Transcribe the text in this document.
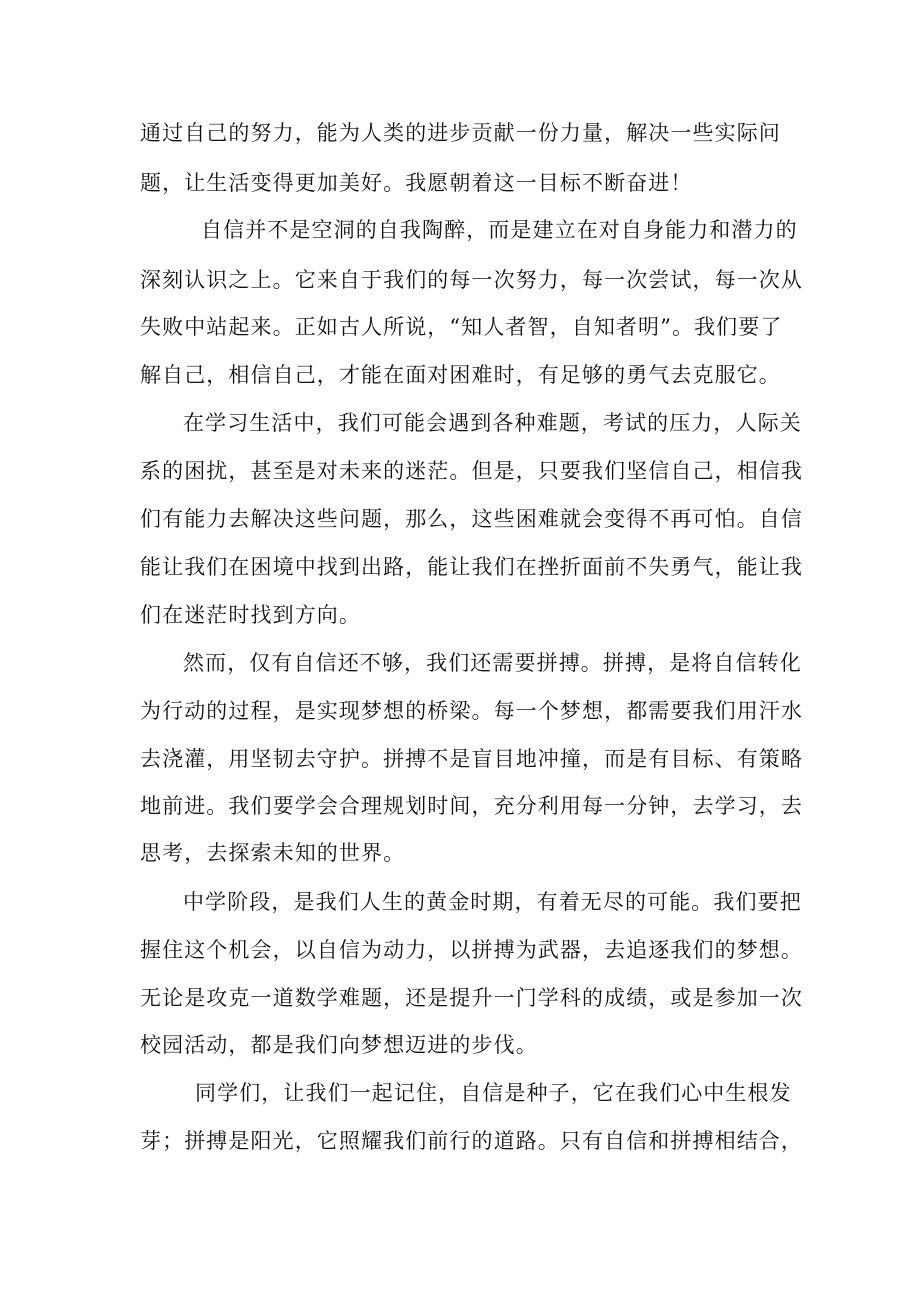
通过自己的努力，能为人类的进步贡献一份力量，解决一些实际问

题，让生活变得更加美好。我愿朝着这一目标不断奋进！

自信并不是空洞的自我陶醉，而是建立在对自身能力和潜力的

深刻认识之上。它来自于我们的每一次努力，每一次尝试，每一次从

失败中站起来。正如古人所说，“知人者智，自知者明”。我们要了

解自己，相信自己，才能在面对困难时，有足够的勇气去克服它。

在学习生活中，我们可能会遇到各种难题，考试的压力，人际关

系的困扰，甚至是对未来的迷茫。但是，只要我们坚信自己，相信我

们有能力去解决这些问题，那么，这些困难就会变得不再可怕。自信

能让我们在困境中找到出路，能让我们在挫折面前不失勇气，能让我

们在迷茫时找到方向。

然而，仅有自信还不够，我们还需要拼搏。拼搏，是将自信转化

为行动的过程，是实现梦想的桥梁。每一个梦想，都需要我们用汗水

去浇灌，用坚韧去守护。拼搏不是盲目地冲撞，而是有目标、有策略

地前进。我们要学会合理规划时间，充分利用每一分钟，去学习，去

思考，去探索未知的世界。

中学阶段，是我们人生的黄金时期，有着无尽的可能。我们要把

握住这个机会，以自信为动力，以拼搏为武器，去追逐我们的梦想。

无论是攻克一道数学难题，还是提升一门学科的成绩，或是参加一次

校园活动，都是我们向梦想迈进的步伐。

同学们，让我们一起记住，自信是种子，它在我们心中生根发

芽；拼搏是阳光，它照耀我们前行的道路。只有自信和拼搏相结合，
